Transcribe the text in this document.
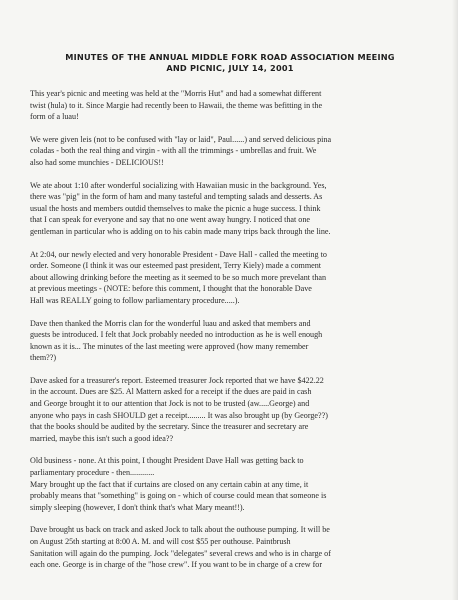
MINUTES OF THE ANNUAL MIDDLE FORK ROAD ASSOCIATION MEEING
AND PICNIC, JULY 14, 2001
This year's picnic and meeting was held at the "Morris Hut" and had a somewhat different
twist (hula) to it. Since Margie had recently been to Hawaii, the theme was befitting in the
form of a luau!
We were given leis (not to be confused with "lay or laid", Paul......) and served delicious pina
coladas - both the real thing and virgin - with all the trimmings - umbrellas and fruit. We
also had some munchies - DELICIOUS!!
We ate about 1:10 after wonderful socializing with Hawaiian music in the background. Yes,
there was "pig" in the form of ham and many tasteful and tempting salads and desserts. As
usual the hosts and members outdid themselves to make the picnic a huge success. I think
that I can speak for everyone and say that no one went away hungry. I noticed that one
gentleman in particular who is adding on to his cabin made many trips back through the line.
At 2:04, our newly elected and very honorable President - Dave Hall - called the meeting to
order. Someone (I think it was our esteemed past president, Terry Kiely) made a comment
about allowing drinking before the meeting as it seemed to be so much more prevelant than
at previous meetings - (NOTE: before this comment, I thought that the honorable Dave
Hall was REALLY going to follow parliamentary procedure.....).
Dave then thanked the Morris clan for the wonderful luau and asked that members and
guests be introduced. I felt that Jock probably needed no introduction as he is well enough
known as it is... The minutes of the last meeting were approved (how many remember
them??)
Dave asked for a treasurer's report. Esteemed treasurer Jock reported that we have $422.22
in the account. Dues are $25. Al Mattern asked for a receipt if the dues are paid in cash
and George brought it to our attention that Jock is not to be trusted (aw.....George) and
anyone who pays in cash SHOULD get a receipt......... It was also brought up (by George??)
that the books should be audited by the secretary. Since the treasurer and secretary are
married, maybe this isn't such a good idea??
Old business - none. At this point, I thought President Dave Hall was getting back to
parliamentary procedure - then............
Mary brought up the fact that if curtains are closed on any certain cabin at any time, it
probably means that "something" is going on - which of course could mean that someone is
simply sleeping (however, I don't think that's what Mary meant!!).
Dave brought us back on track and asked Jock to talk about the outhouse pumping. It will be
on August 25th starting at 8:00 A. M. and will cost $55 per outhouse. Paintbrush
Sanitation will again do the pumping. Jock "delegates" several crews and who is in charge of
each one. George is in charge of the "hose crew". If you want to be in charge of a crew for
